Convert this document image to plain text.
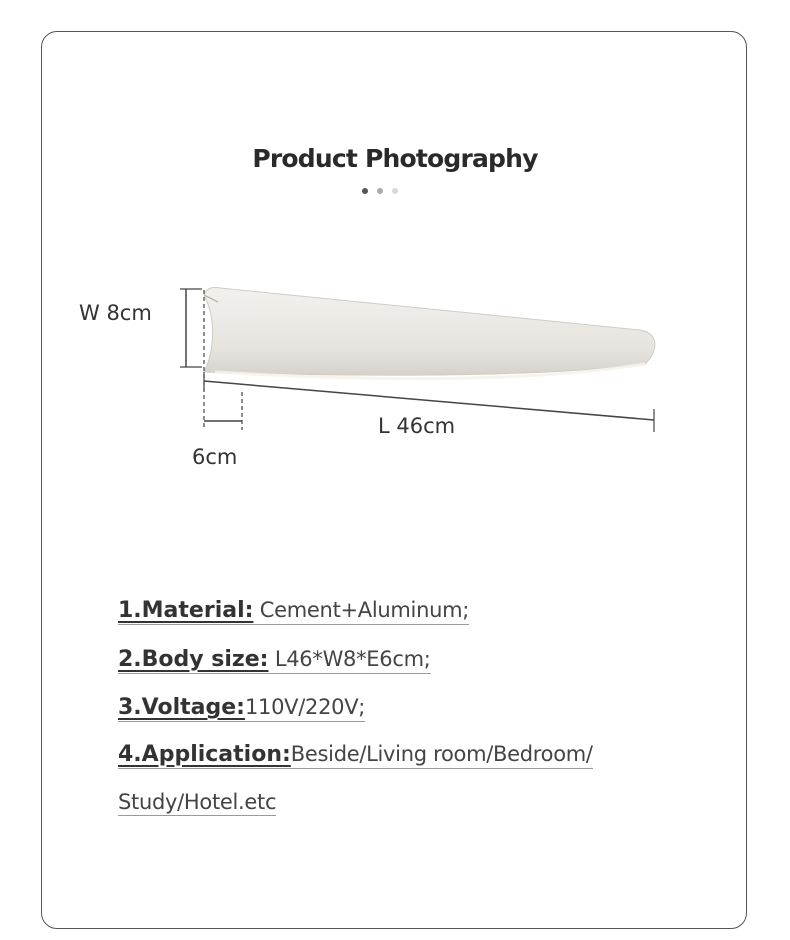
Product Photography
W 8cm
L 46cm
6cm
1.Material: Cement+Aluminum;
2.Body size: L46*W8*E6cm;
3.Voltage:110V/220V;
4.Application:Beside/Living room/Bedroom/
Study/Hotel.etc
